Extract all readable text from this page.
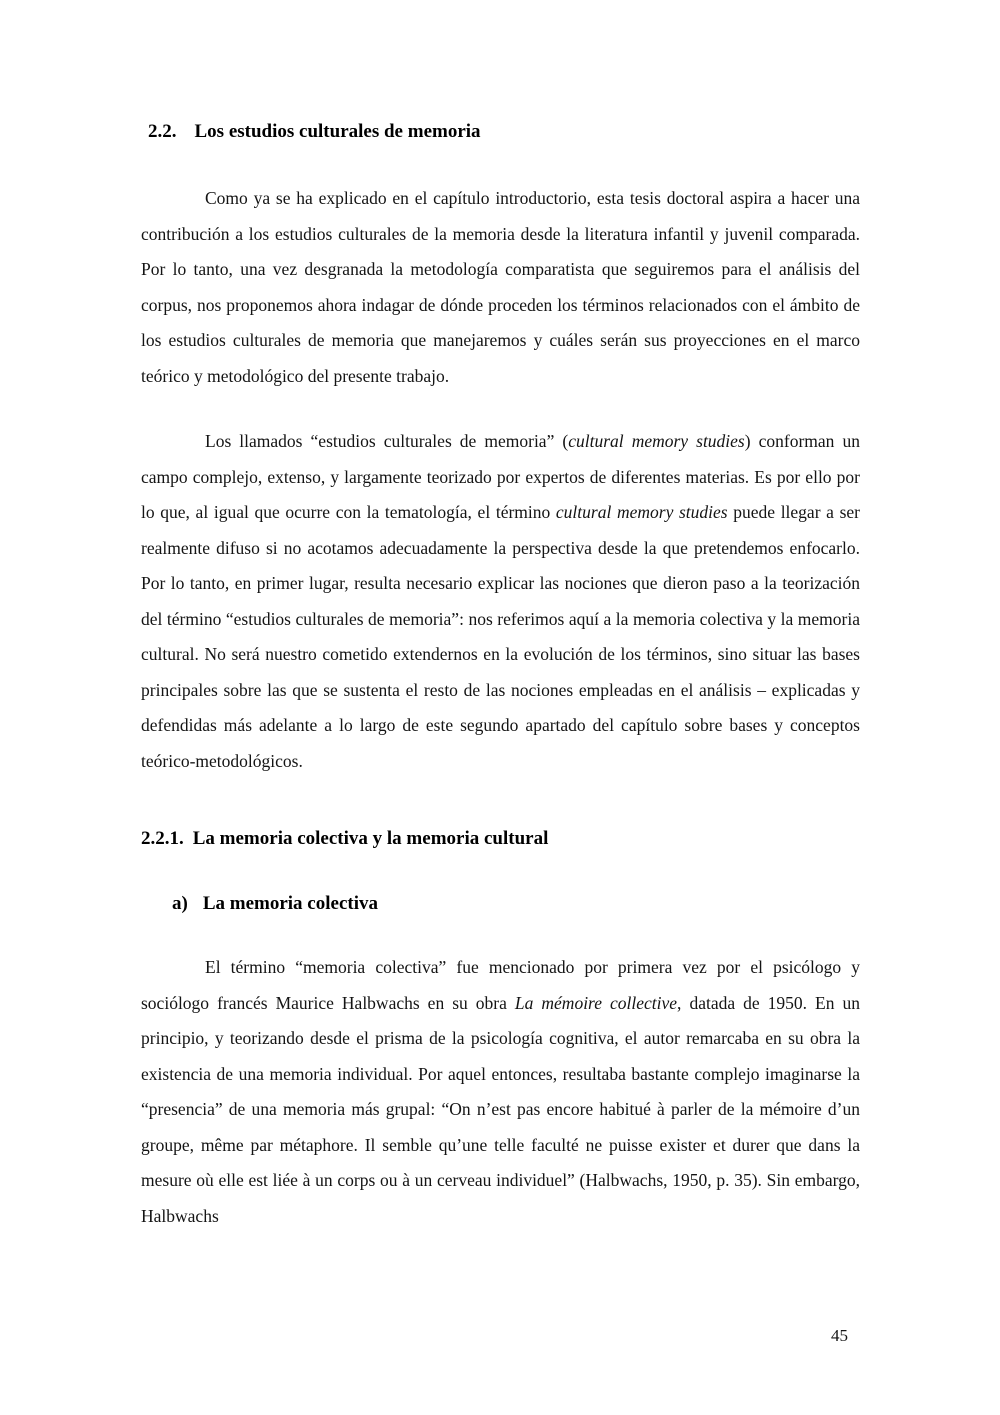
2.2. Los estudios culturales de memoria

Como ya se ha explicado en el capítulo introductorio, esta tesis doctoral aspira a hacer una contribución a los estudios culturales de la memoria desde la literatura infantil y juvenil comparada. Por lo tanto, una vez desgranada la metodología comparatista que seguiremos para el análisis del corpus, nos proponemos ahora indagar de dónde proceden los términos relacionados con el ámbito de los estudios culturales de memoria que manejaremos y cuáles serán sus proyecciones en el marco teórico y metodológico del presente trabajo.

Los llamados “estudios culturales de memoria” (cultural memory studies) conforman un campo complejo, extenso, y largamente teorizado por expertos de diferentes materias. Es por ello por lo que, al igual que ocurre con la tematología, el término cultural memory studies puede llegar a ser realmente difuso si no acotamos adecuadamente la perspectiva desde la que pretendemos enfocarlo. Por lo tanto, en primer lugar, resulta necesario explicar las nociones que dieron paso a la teorización del término “estudios culturales de memoria”: nos referimos aquí a la memoria colectiva y la memoria cultural. No será nuestro cometido extendernos en la evolución de los términos, sino situar las bases principales sobre las que se sustenta el resto de las nociones empleadas en el análisis – explicadas y defendidas más adelante a lo largo de este segundo apartado del capítulo sobre bases y conceptos teórico-metodológicos.

2.2.1. La memoria colectiva y la memoria cultural
a) La memoria colectiva

El término “memoria colectiva” fue mencionado por primera vez por el psicólogo y sociólogo francés Maurice Halbwachs en su obra La mémoire collective, datada de 1950. En un principio, y teorizando desde el prisma de la psicología cognitiva, el autor remarcaba en su obra la existencia de una memoria individual. Por aquel entonces, resultaba bastante complejo imaginarse la “presencia” de una memoria más grupal: “On n’est pas encore habitué à parler de la mémoire d’un groupe, même par métaphore. Il semble qu’une telle faculté ne puisse exister et durer que dans la mesure où elle est liée à un corps ou à un cerveau individuel” (Halbwachs, 1950, p. 35). Sin embargo, Halbwachs

45
